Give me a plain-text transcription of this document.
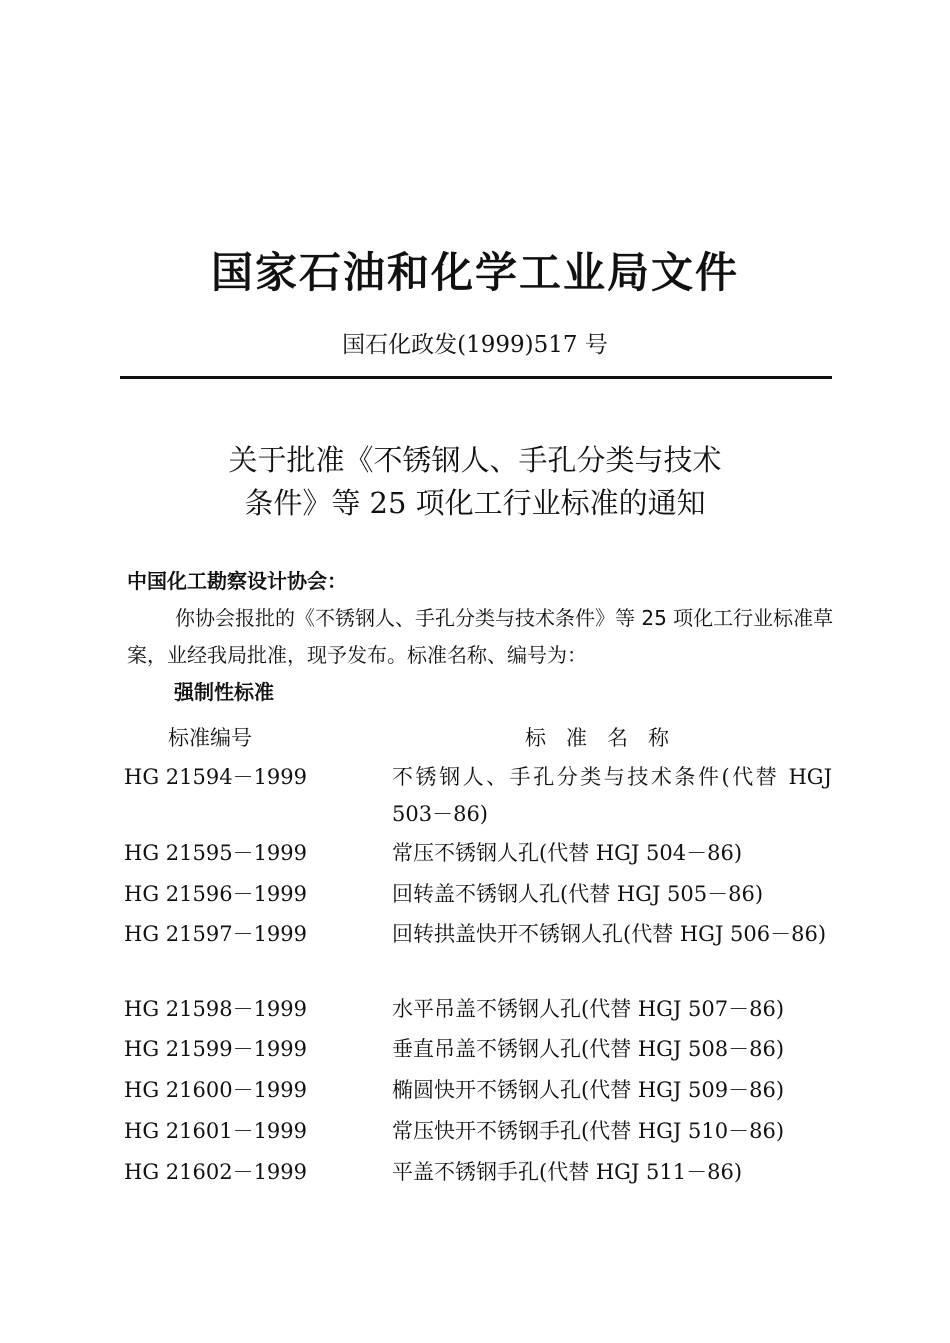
国家石油和化学工业局文件
国石化政发(1999)517 号
关于批准《不锈钢人、手孔分类与技术
条件》等 25 项化工行业标准的通知
中国化工勘察设计协会：
你协会报批的《不锈钢人、手孔分类与技术条件》等 25 项化工行业标准草案，业经我局批准，现予发布。标准名称、编号为：
强制性标准
标准编号	标准名称
HG 21594－1999	不锈钢人、手孔分类与技术条件(代替 HGJ 503－86)
HG 21595－1999	常压不锈钢人孔(代替 HGJ 504－86)
HG 21596－1999	回转盖不锈钢人孔(代替 HGJ 505－86)
HG 21597－1999	回转拱盖快开不锈钢人孔(代替 HGJ 506－86)
HG 21598－1999	水平吊盖不锈钢人孔(代替 HGJ 507－86)
HG 21599－1999	垂直吊盖不锈钢人孔(代替 HGJ 508－86)
HG 21600－1999	椭圆快开不锈钢人孔(代替 HGJ 509－86)
HG 21601－1999	常压快开不锈钢手孔(代替 HGJ 510－86)
HG 21602－1999	平盖不锈钢手孔(代替 HGJ 511－86)
